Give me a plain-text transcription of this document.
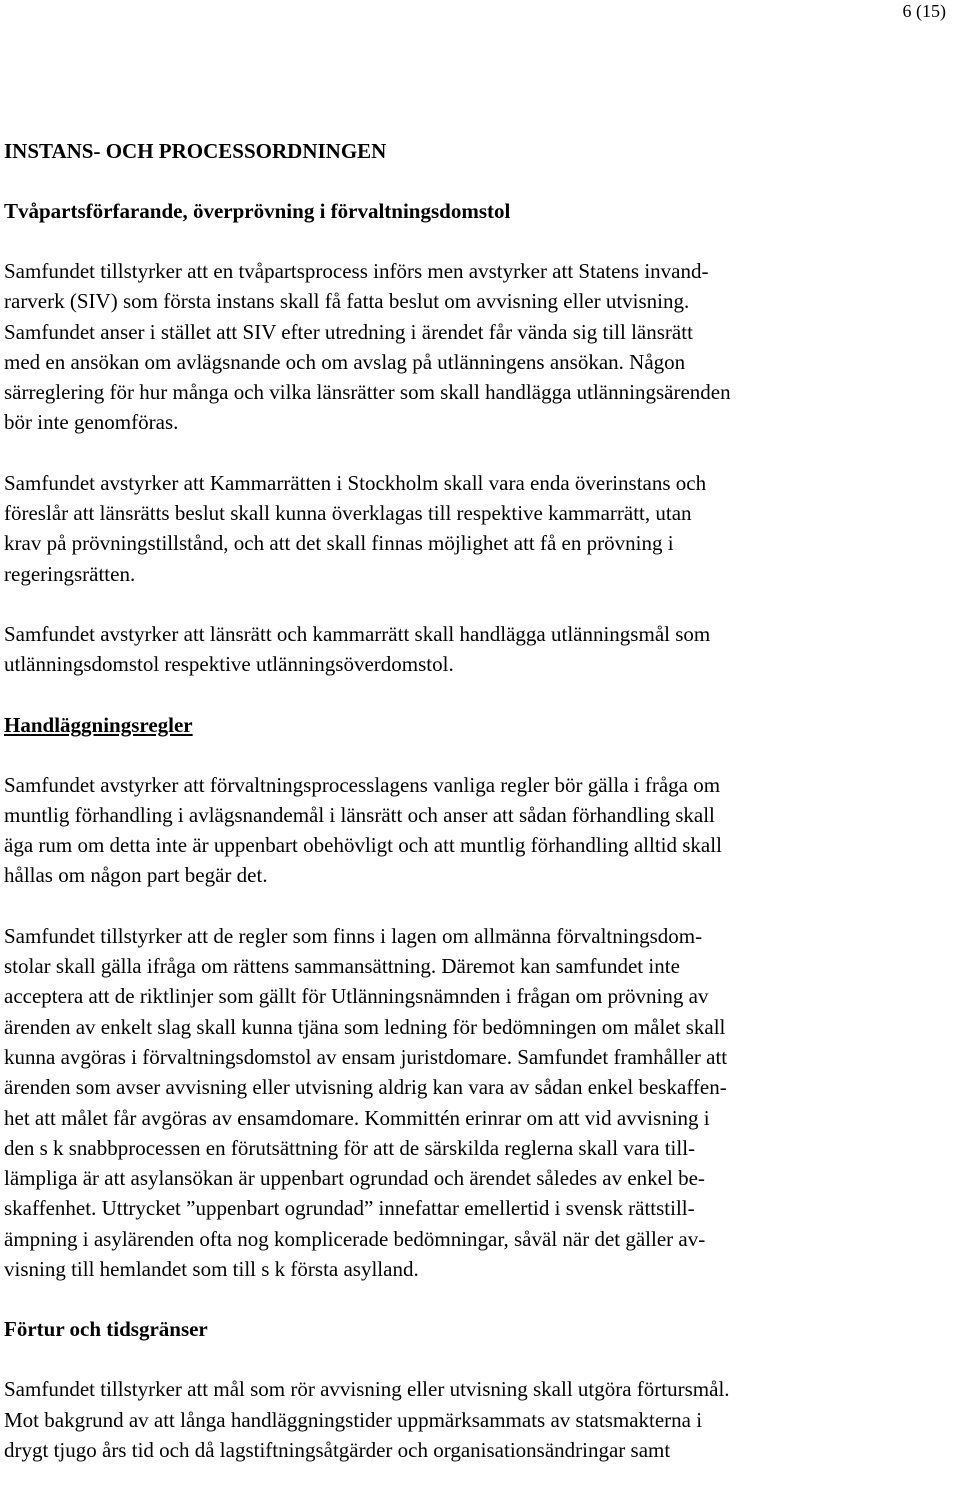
6 (15)
INSTANS- OCH PROCESSORDNINGEN
Tvåpartsförfarande, överprövning i förvaltningsdomstol

Samfundet tillstyrker att en tvåpartsprocess införs men avstyrker att Statens invand-
rarverk (SIV) som första instans skall få fatta beslut om avvisning eller utvisning.
Samfundet anser i stället att SIV efter utredning i ärendet får vända sig till länsrätt
med en ansökan om avlägsnande och om avslag på utlänningens ansökan. Någon
särreglering för hur många och vilka länsrätter som skall handlägga utlänningsärenden
bör inte genomföras.

Samfundet avstyrker att Kammarrätten i Stockholm skall vara enda överinstans och
föreslår att länsrätts beslut skall kunna överklagas till respektive kammarrätt, utan
krav på prövningstillstånd, och att det skall finnas möjlighet att få en prövning i
regeringsrätten.

Samfundet avstyrker att länsrätt och kammarrätt skall handlägga utlänningsmål som
utlänningsdomstol respektive utlänningsöverdomstol.

Handläggningsregler

Samfundet avstyrker att förvaltningsprocesslagens vanliga regler bör gälla i fråga om
muntlig förhandling i avlägsnandemål i länsrätt och anser att sådan förhandling skall
äga rum om detta inte är uppenbart obehövligt och att muntlig förhandling alltid skall
hållas om någon part begär det.

Samfundet tillstyrker att de regler som finns i lagen om allmänna förvaltningsdom-
stolar skall gälla ifråga om rättens sammansättning. Däremot kan samfundet inte
acceptera att de riktlinjer som gällt för Utlänningsnämnden i frågan om prövning av
ärenden av enkelt slag skall kunna tjäna som ledning för bedömningen om målet skall
kunna avgöras i förvaltningsdomstol av ensam juristdomare. Samfundet framhåller att
ärenden som avser avvisning eller utvisning aldrig kan vara av sådan enkel beskaffen-
het att målet får avgöras av ensamdomare. Kommittén erinrar om att vid avvisning i
den s k snabbprocessen en förutsättning för att de särskilda reglerna skall vara till-
lämpliga är att asylansökan är uppenbart ogrundad och ärendet således av enkel be-
skaffenhet. Uttrycket ”uppenbart ogrundad” innefattar emellertid i svensk rättstill-
ämpning i asylärenden ofta nog komplicerade bedömningar, såväl när det gäller av-
visning till hemlandet som till s k första asylland.

Förtur och tidsgränser

Samfundet tillstyrker att mål som rör avvisning eller utvisning skall utgöra förtursmål.
Mot bakgrund av att långa handläggningstider uppmärksammats av statsmakterna i
drygt tjugo års tid och då lagstiftningsåtgärder och organisationsändringar samt
